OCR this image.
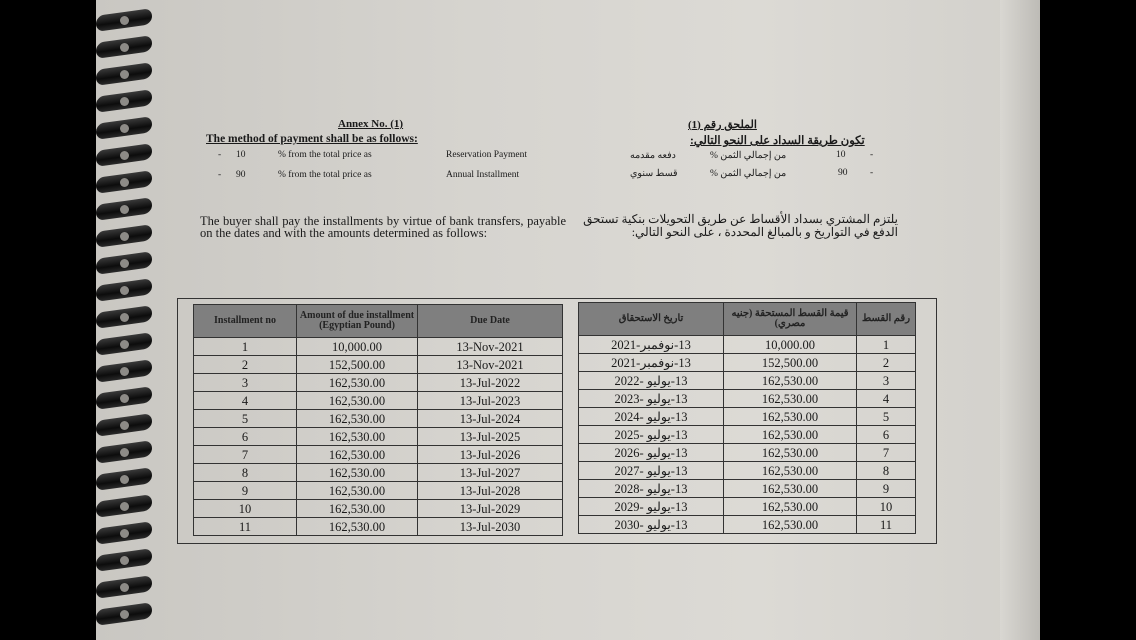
Annex No. (1)	الملحق رقم (1)
The method of payment shall be as follows:	تكون طريقة السداد على النحو التالي:
- 10	% from the total price as	Reservation Payment
- 90	% from the total price as	Annual Installment
دفعه مقدمه	% من إجمالي الثمن	10	-
قسط سنوي	% من إجمالي الثمن	90 -
The buyer shall pay the installments by virtue of bank transfers, payable on the dates and with the amounts determined as follows:
يلتزم المشتري بسداد الأقساط عن طريق التحويلات بنكية تستحق الدفع في التواريخ و بالمبالغ المحددة ، على النحو التالي:
Installment no	Amount of due installment (Egyptian Pound)	Due Date
1	10,000.00	13-Nov-2021
2	152,500.00	13-Nov-2021
3	162,530.00	13-Jul-2022
4	162,530.00	13-Jul-2023
5	162,530.00	13-Jul-2024
6	162,530.00	13-Jul-2025
7	162,530.00	13-Jul-2026
8	162,530.00	13-Jul-2027
9	162,530.00	13-Jul-2028
10	162,530.00	13-Jul-2029
11	162,530.00	13-Jul-2030
رقم القسط	قيمة القسط المستحقة (جنيه مصري)	تاريخ الاستحقاق
1	10,000.00	13-نوفمبر-2021
2	152,500.00	13-نوفمبر-2021
3	162,530.00	13-يوليو -2022
4	162,530.00	13-يوليو -2023
5	162,530.00	13-يوليو -2024
6	162,530.00	13-يوليو -2025
7	162,530.00	13-يوليو -2026
8	162,530.00	13-يوليو -2027
9	162,530.00	13-يوليو -2028
10	162,530.00	13-يوليو -2029
11	162,530.00	13-يوليو -2030
